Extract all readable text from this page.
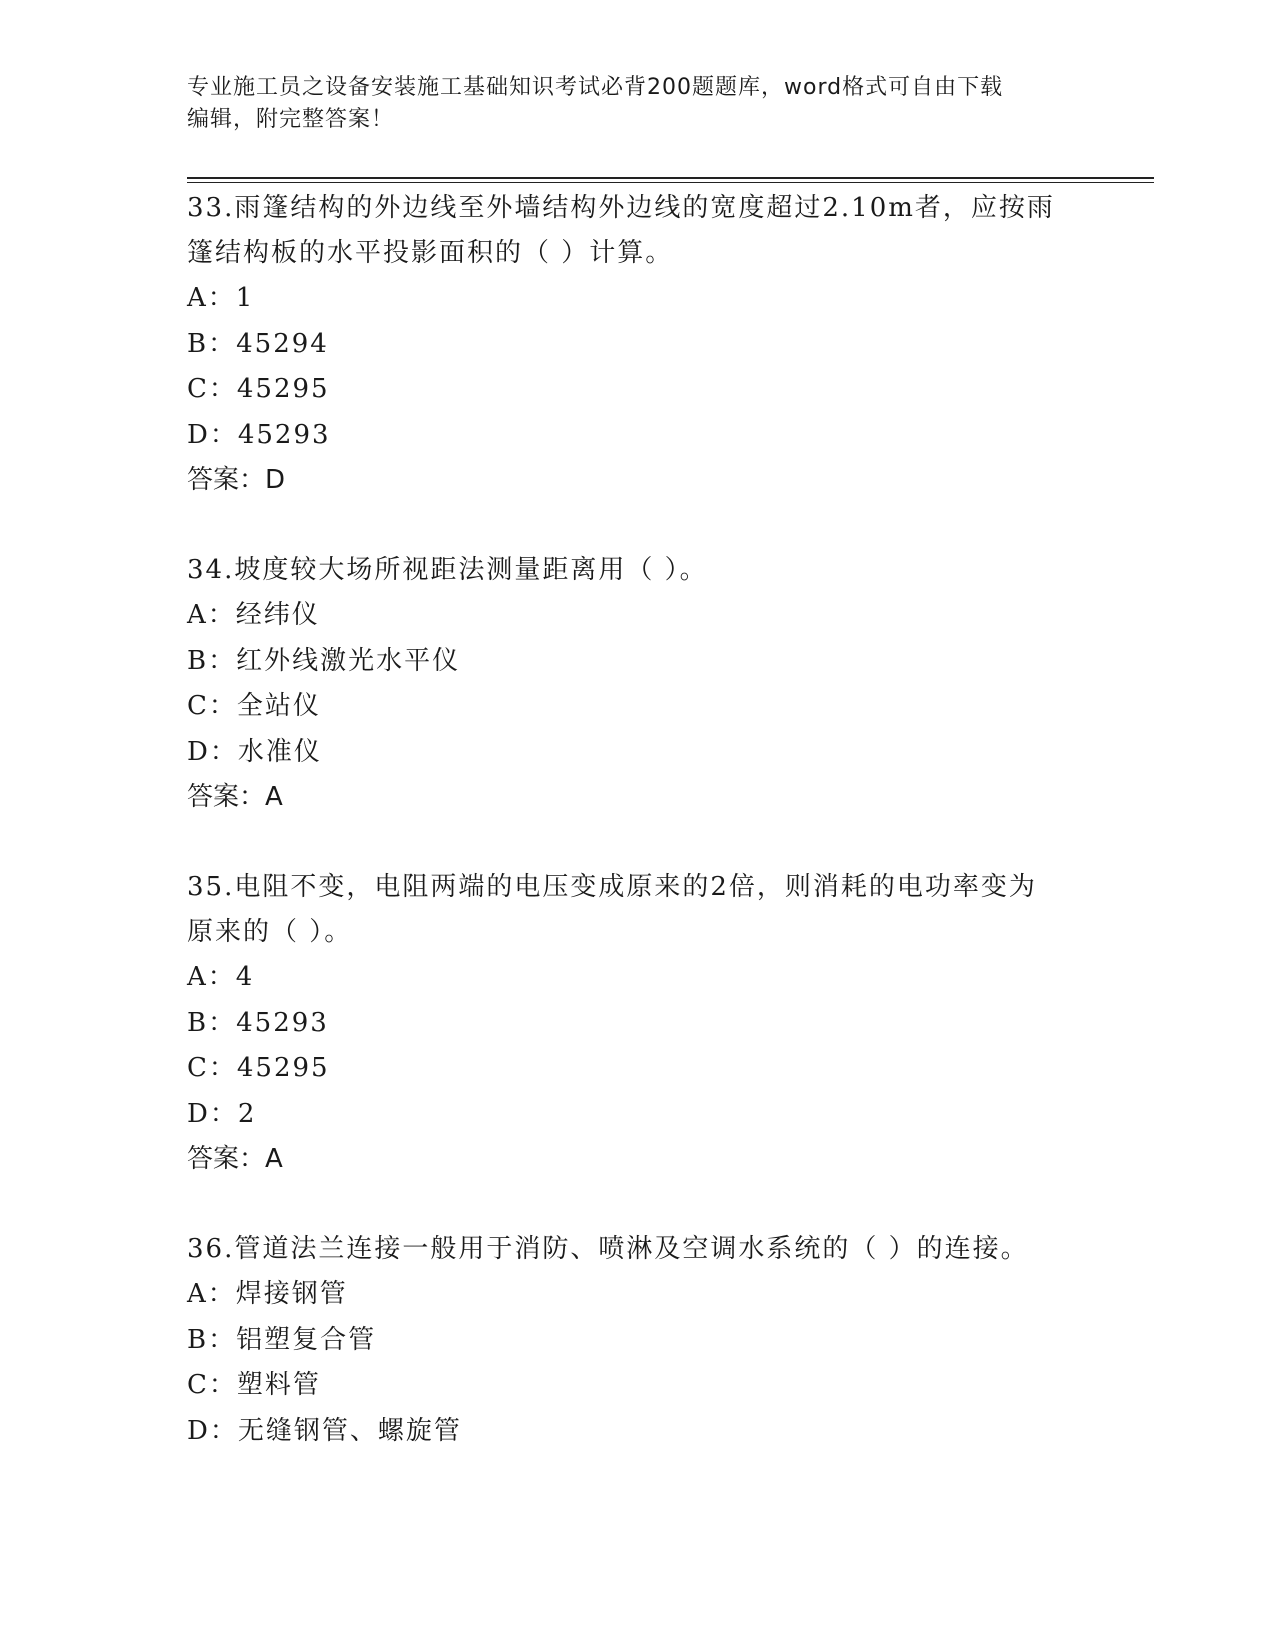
专业施工员之设备安装施工基础知识考试必背200题题库，word格式可自由下载
编辑，附完整答案！

33.雨篷结构的外边线至外墙结构外边线的宽度超过2.10m者，应按雨

篷结构板的水平投影面积的（ ）计算。

A：1

B：45294

C：45295

D：45293

答案：D

34.坡度较大场所视距法测量距离用（ ）。

A：经纬仪

B：红外线激光水平仪

C：全站仪

D：水准仪

答案：A

35.电阻不变，电阻两端的电压变成原来的2倍，则消耗的电功率变为

原来的（ ）。

A：4

B：45293

C：45295

D：2

答案：A

36.管道法兰连接一般用于消防、喷淋及空调水系统的（ ）的连接。

A：焊接钢管

B：铝塑复合管

C：塑料管

D：无缝钢管、螺旋管
